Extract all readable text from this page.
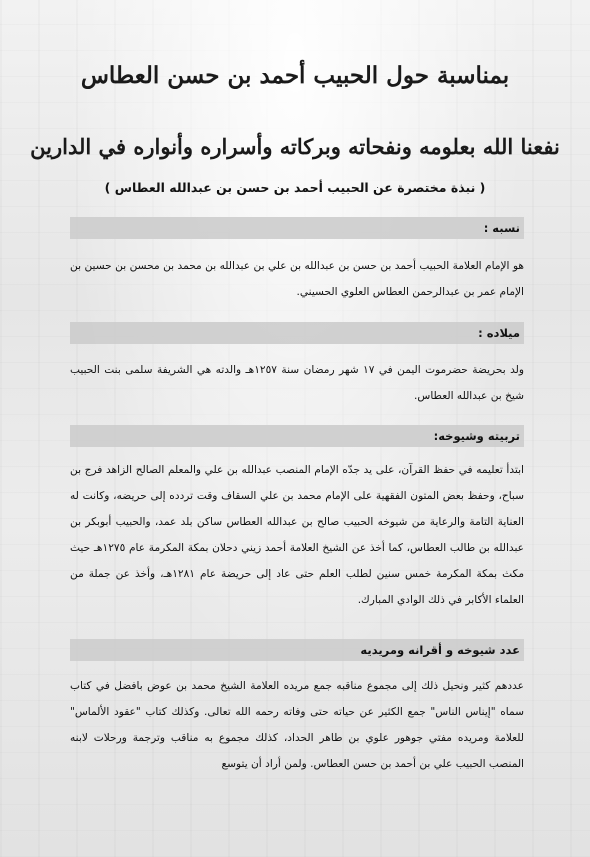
بمناسبة حول الحبيب أحمد بن حسن العطاس
نفعنا الله بعلومه ونفحاته وبركاته وأسراره وأنواره في الدارين
( نبذة مختصرة عن الحبيب أحمد بن حسن بن عبدالله العطاس )
نسبه :
هو الإمام العلامة الحبيب أحمد بن حسن بن عبدالله بن علي بن عبدالله بن محمد بن محسن بن حسين بن الإمام عمر بن عبدالرحمن العطاس العلوي الحسيني.
ميلاده :
ولد بحريضة حضرموت اليمن في ١٧ شهر رمضان سنة ١٢٥٧هـ والدته هي الشريفة سلمى بنت الحبيب شيخ بن عبدالله العطاس.
تربيته وشيوخه:
ابتدأ تعليمه في حفظ القرآن، على يد جدّه الإمام المنصب عبدالله بن علي والمعلم الصالح الزاهد فرج بن سباح، وحفظ بعض المتون الفقهية على الإمام محمد بن علي السقاف وقت تردده إلى حريضه، وكانت له العناية التامة والرعاية من شيوخه الحبيب صالح بن عبدالله العطاس ساكن بلد عمد، والحبيب أبوبكر بن عبدالله بن طالب العطاس، كما أخذ عن الشيخ العلامة أحمد زيني دحلان بمكة المكرمة عام ١٢٧٥هـ حيث مكث بمكة المكرمة خمس سنين لطلب العلم حتى عاد إلى حريضة عام ١٢٨١هـ، وأخذ عن جملة من العلماء الأكابر في ذلك الوادي المبارك.
عدد شيوخه و أقرانه ومريديه
عددهم كثير ونحيل ذلك إلى مجموع مناقبه جمع مريده العلامة الشيخ محمد بن عوض بافضل في كتاب سماه "إيناس الناس" جمع الكثير عن حياته حتى وفاته رحمه الله تعالى. وكذلك كتاب "عقود الألماس" للعلامة ومريده مفتي جوهور علوي بن طاهر الحداد، كذلك مجموع به مناقب وترجمة ورحلات لابنه المنصب الحبيب علي بن أحمد بن حسن العطاس. ولمن أراد أن يتوسع
